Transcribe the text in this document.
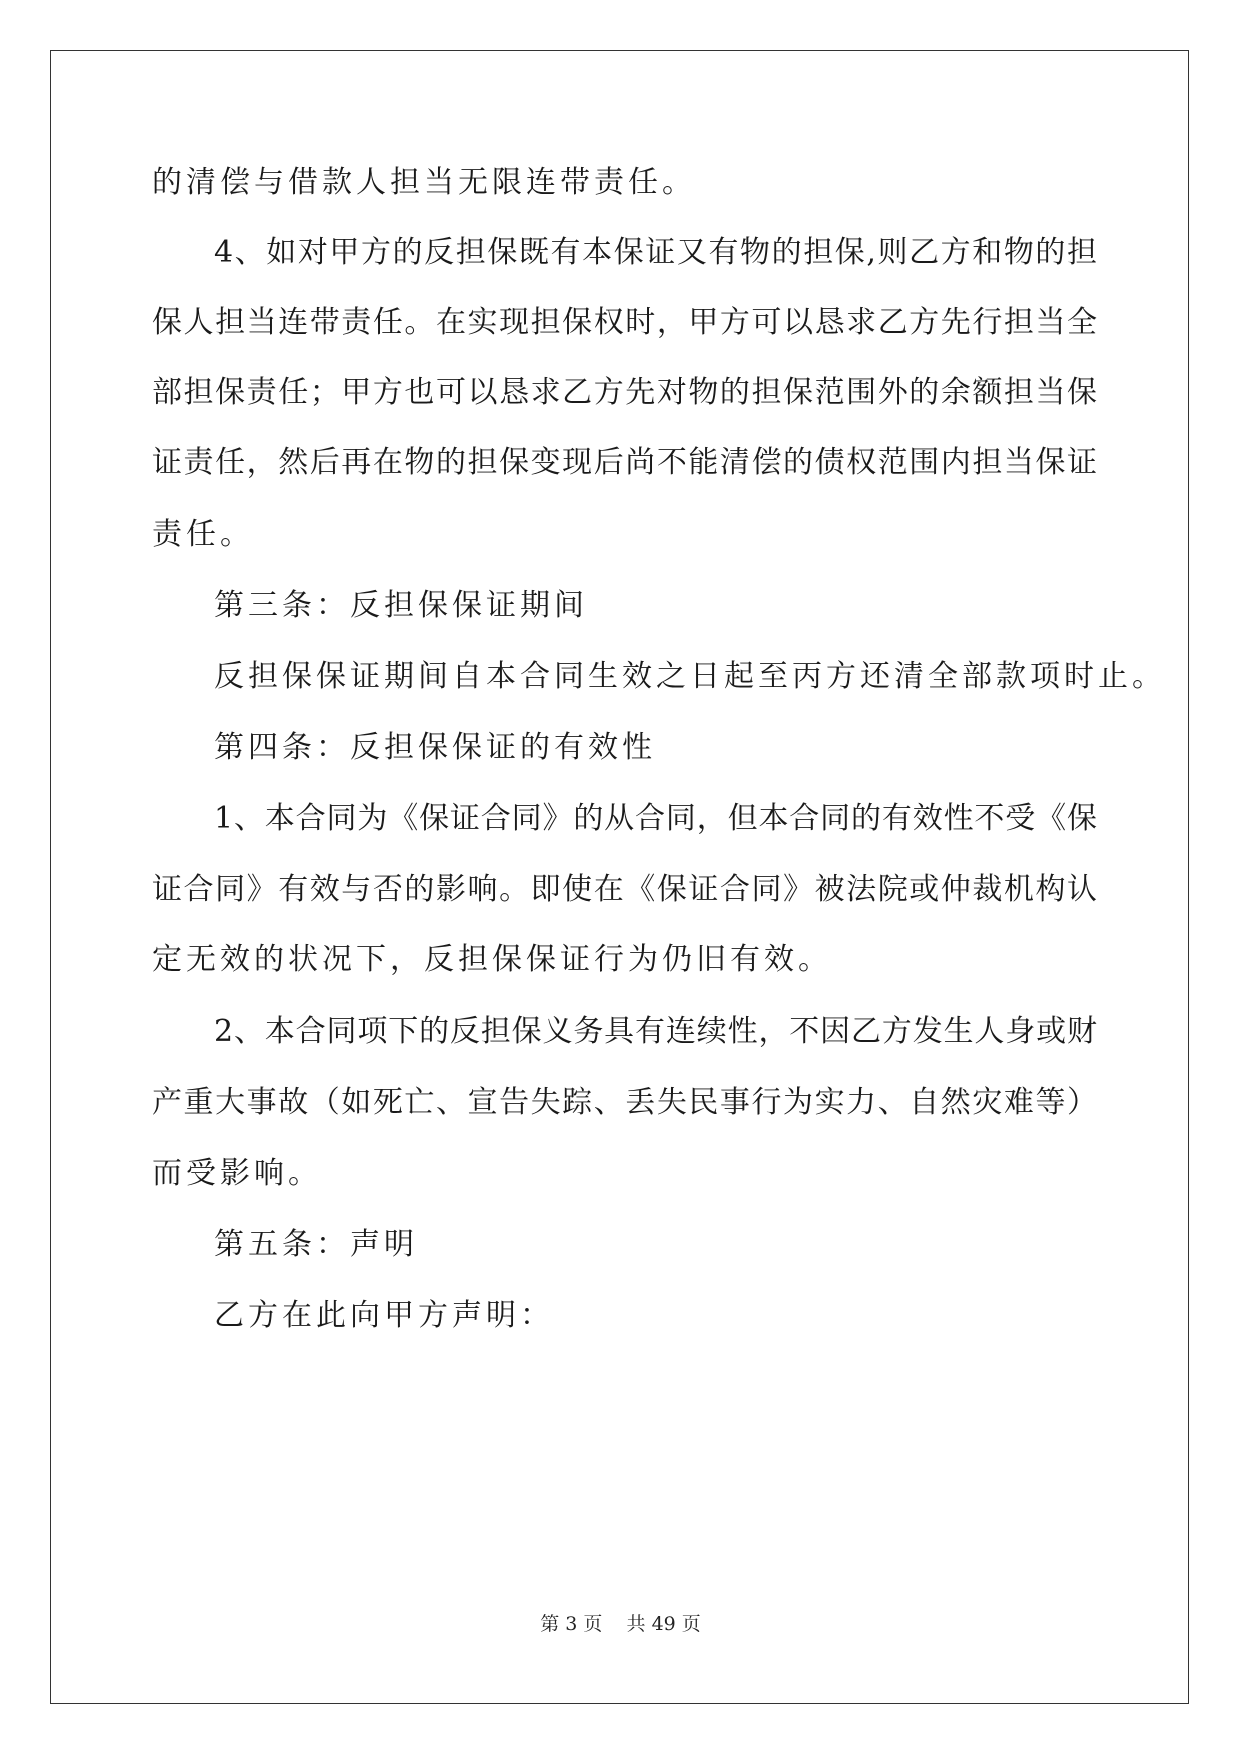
的清偿与借款人担当无限连带责任。
4、如对甲方的反担保既有本保证又有物的担保,则乙方和物的担
保人担当连带责任。在实现担保权时，甲方可以恳求乙方先行担当全
部担保责任；甲方也可以恳求乙方先对物的担保范围外的余额担当保
证责任，然后再在物的担保变现后尚不能清偿的债权范围内担当保证
责任。
第三条：反担保保证期间
反担保保证期间自本合同生效之日起至丙方还清全部款项时止。
第四条：反担保保证的有效性
1、本合同为《保证合同》的从合同，但本合同的有效性不受《保
证合同》有效与否的影响。即使在《保证合同》被法院或仲裁机构认
定无效的状况下，反担保保证行为仍旧有效。
2、本合同项下的反担保义务具有连续性，不因乙方发生人身或财
产重大事故（如死亡、宣告失踪、丢失民事行为实力、自然灾难等）
而受影响。
第五条：声明
乙方在此向甲方声明：
第 3 页    共 49 页
